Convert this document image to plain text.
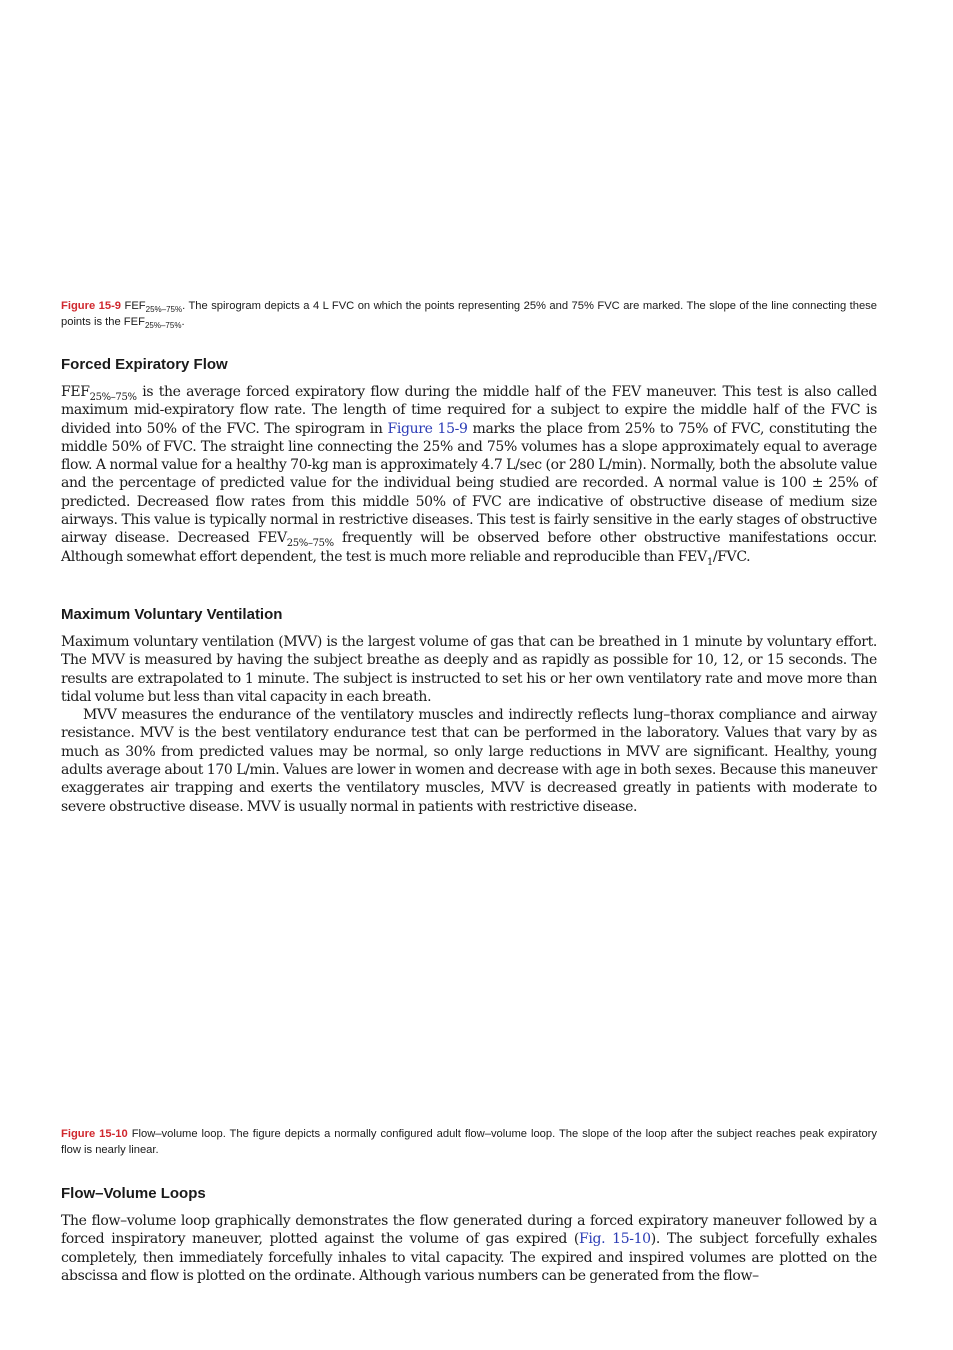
Figure 15-9 $FEF_{25\%-75\%}$. The spirogram depicts a 4 L FVC on which the points representing 25% and 75% FVC are marked. The slope of the line connecting these points is the $FEF_{25\%-75\%}$.
Forced Expiratory Flow

$FEF_{25\%-75\%}$ is the average forced expiratory flow during the middle half of the FEV maneuver. This test is also called maximum mid-expiratory flow rate. The length of time required for a subject to expire the middle half of the FVC is divided into 50% of the FVC. The spirogram in Figure 15-9 marks the place from 25% to 75% of FVC, constituting the middle 50% of FVC. The straight line connecting the 25% and 75% volumes has a slope approximately equal to average flow. A normal value for a healthy 70-kg man is approximately 4.7 L/sec (or 280 L/min). Normally, both the absolute value and the percentage of predicted value for the individual being studied are recorded. A normal value is 100 ± 25% of predicted. Decreased flow rates from this middle 50% of FVC are indicative of obstructive disease of medium size airways. This value is typically normal in restrictive diseases. This test is fairly sensitive in the early stages of obstructive airway disease. Decreased $FEV_{25\%-75\%}$ frequently will be observed before other obstructive manifestations occur. Although somewhat effort dependent, the test is much more reliable and reproducible than $FEV_1$/FVC.

Maximum Voluntary Ventilation

Maximum voluntary ventilation (MVV) is the largest volume of gas that can be breathed in 1 minute by voluntary effort. The MVV is measured by having the subject breathe as deeply and as rapidly as possible for 10, 12, or 15 seconds. The results are extrapolated to 1 minute. The subject is instructed to set his or her own ventilatory rate and move more than tidal volume but less than vital capacity in each breath.

MVV measures the endurance of the ventilatory muscles and indirectly reflects lung–thorax compliance and airway resistance. MVV is the best ventilatory endurance test that can be performed in the laboratory. Values that vary by as much as 30% from predicted values may be normal, so only large reductions in MVV are significant. Healthy, young adults average about 170 L/min. Values are lower in women and decrease with age in both sexes. Because this maneuver exaggerates air trapping and exerts the ventilatory muscles, MVV is decreased greatly in patients with moderate to severe obstructive disease. MVV is usually normal in patients with restrictive disease.

Figure 15-10 Flow–volume loop. The figure depicts a normally configured adult flow–volume loop. The slope of the loop after the subject reaches peak expiratory flow is nearly linear.
Flow–Volume Loops

The flow–volume loop graphically demonstrates the flow generated during a forced expiratory maneuver followed by a forced inspiratory maneuver, plotted against the volume of gas expired (Fig. 15-10). The subject forcefully exhales completely, then immediately forcefully inhales to vital capacity. The expired and inspired volumes are plotted on the abscissa and flow is plotted on the ordinate. Although various numbers can be generated from the flow–
